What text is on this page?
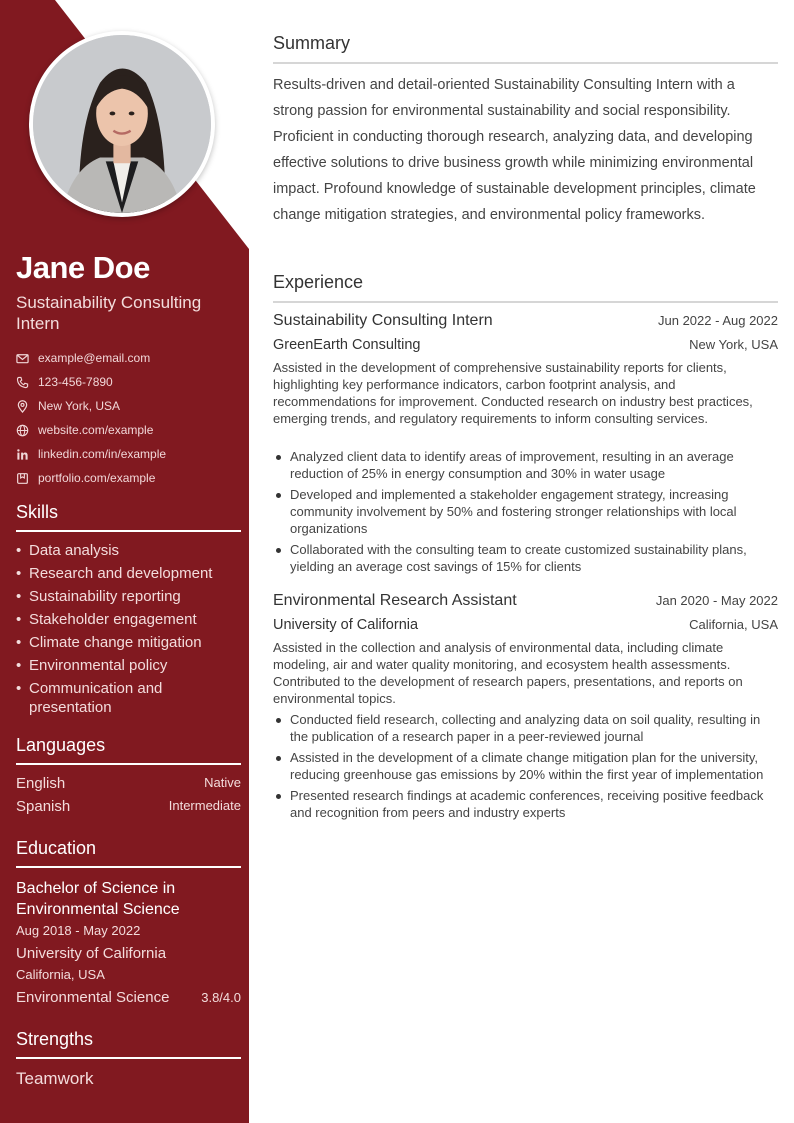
Jane Doe
Sustainability Consulting Intern
example@email.com
123-456-7890
New York, USA
website.com/example
linkedin.com/in/example
portfolio.com/example
Skills
• Data analysis
• Research and development
• Sustainability reporting
• Stakeholder engagement
• Climate change mitigation
• Environmental policy
• Communication and presentation
Languages
English	Native
Spanish	Intermediate
Education
Bachelor of Science in Environmental Science
Aug 2018 - May 2022
University of California
California, USA
Environmental Science 3.8/4.0
Strengths
Teamwork
Summary
Results-driven and detail-oriented Sustainability Consulting Intern with a strong passion for environmental sustainability and social responsibility. Proficient in conducting thorough research, analyzing data, and developing effective solutions to drive business growth while minimizing environmental impact. Profound knowledge of sustainable development principles, climate change mitigation strategies, and environmental policy frameworks.
Experience
Sustainability Consulting Intern	Jun 2022 - Aug 2022
GreenEarth Consulting	New York, USA
Assisted in the development of comprehensive sustainability reports for clients, highlighting key performance indicators, carbon footprint analysis, and recommendations for improvement. Conducted research on industry best practices, emerging trends, and regulatory requirements to inform consulting services.
Analyzed client data to identify areas of improvement, resulting in an average reduction of 25% in energy consumption and 30% in water usage
Developed and implemented a stakeholder engagement strategy, increasing community involvement by 50% and fostering stronger relationships with local organizations
Collaborated with the consulting team to create customized sustainability plans, yielding an average cost savings of 15% for clients
Environmental Research Assistant	Jan 2020 - May 2022
University of California	California, USA
Assisted in the collection and analysis of environmental data, including climate modeling, air and water quality monitoring, and ecosystem health assessments. Contributed to the development of research papers, presentations, and reports on environmental topics.
Conducted field research, collecting and analyzing data on soil quality, resulting in the publication of a research paper in a peer-reviewed journal
Assisted in the development of a climate change mitigation plan for the university, reducing greenhouse gas emissions by 20% within the first year of implementation
Presented research findings at academic conferences, receiving positive feedback and recognition from peers and industry experts
